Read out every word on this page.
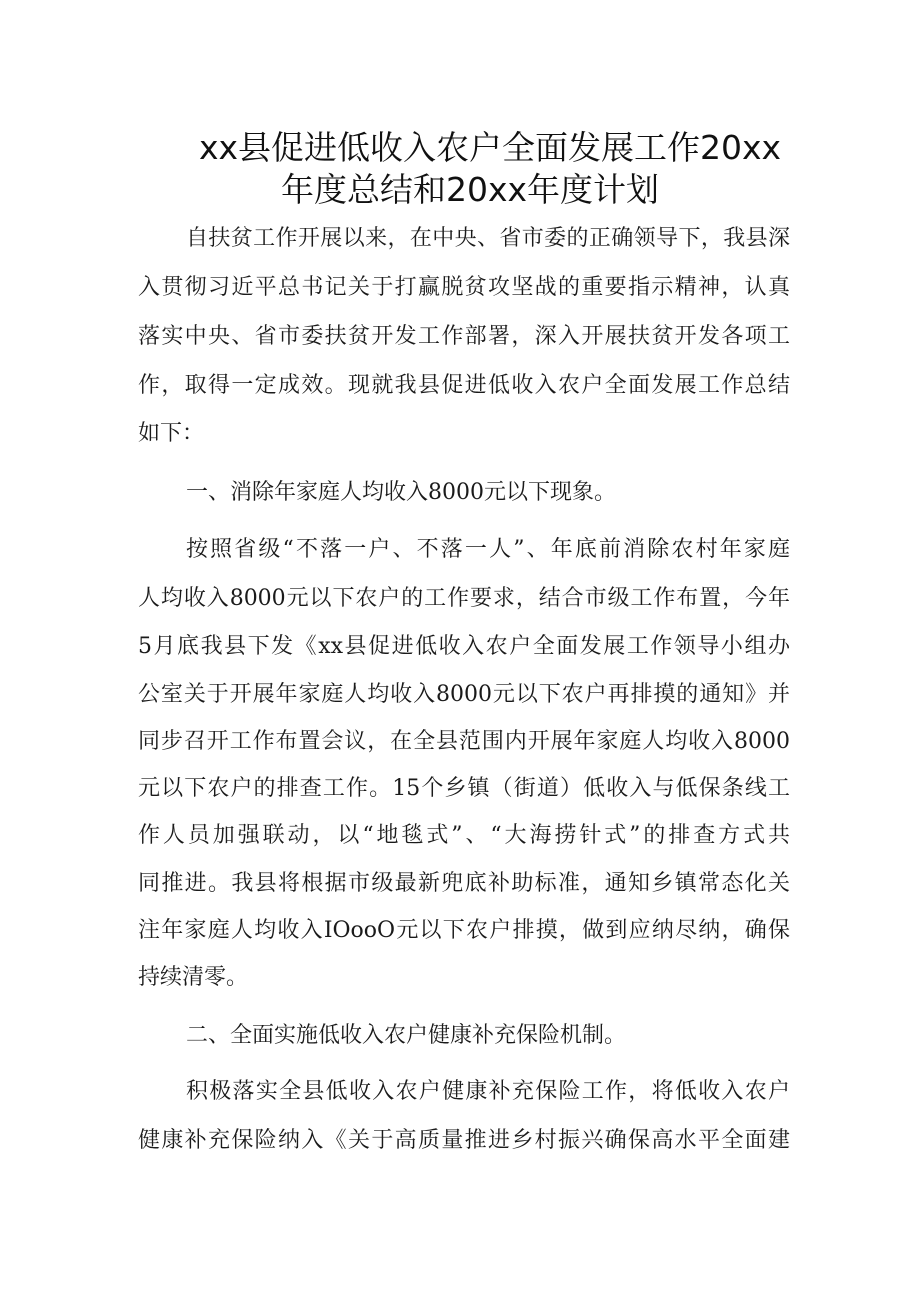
xx县促进低收入农户全面发展工作20xx
年度总结和20xx年度计划
自扶贫工作开展以来，在中央、省市委的正确领导下，我县深
入贯彻习近平总书记关于打赢脱贫攻坚战的重要指示精神，认真
落实中央、省市委扶贫开发工作部署，深入开展扶贫开发各项工
作，取得一定成效。现就我县促进低收入农户全面发展工作总结
如下：
一、消除年家庭人均收入8000元以下现象。
按照省级“不落一户、不落一人”、年底前消除农村年家庭
人均收入8000元以下农户的工作要求，结合市级工作布置，今年
5月底我县下发《xx县促进低收入农户全面发展工作领导小组办
公室关于开展年家庭人均收入8000元以下农户再排摸的通知》并
同步召开工作布置会议，在全县范围内开展年家庭人均收入8000
元以下农户的排查工作。15个乡镇（街道）低收入与低保条线工
作人员加强联动，以“地毯式”、“大海捞针式”的排查方式共
同推进。我县将根据市级最新兜底补助标准，通知乡镇常态化关
注年家庭人均收入IOooO元以下农户排摸，做到应纳尽纳，确保
持续清零。
二、全面实施低收入农户健康补充保险机制。
积极落实全县低收入农户健康补充保险工作，将低收入农户
健康补充保险纳入《关于高质量推进乡村振兴确保高水平全面建
